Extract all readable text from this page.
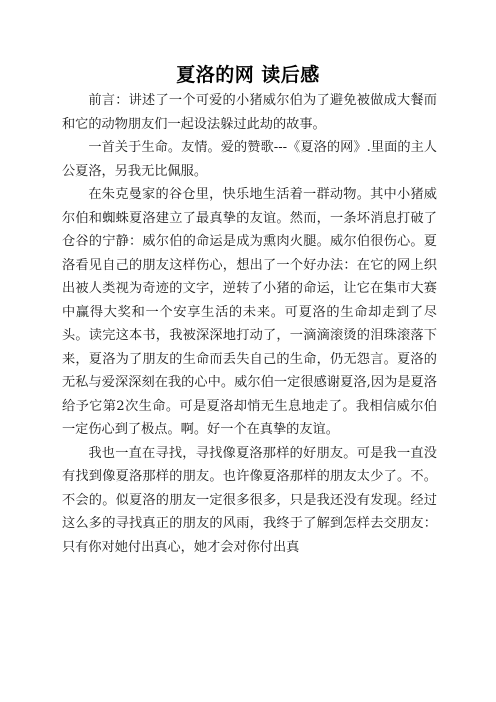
夏洛的网 读后感

前言：讲述了一个可爱的小猪威尔伯为了避免被做成大餐而和它的动物朋友们一起设法躲过此劫的故事。

一首关于生命。友情。爱的赞歌---《夏洛的网》.里面的主人公夏洛，另我无比佩服。

在朱克曼家的谷仓里，快乐地生活着一群动物。其中小猪威尔伯和蜘蛛夏洛建立了最真挚的友谊。然而，一条坏消息打破了仓谷的宁静：威尔伯的命运是成为熏肉火腿。威尔伯很伤心。夏洛看见自己的朋友这样伤心，想出了一个好办法：在它的网上织出被人类视为奇迹的文字，逆转了小猪的命运，让它在集市大赛中赢得大奖和一个安享生活的未来。可夏洛的生命却走到了尽头。读完这本书，我被深深地打动了，一滴滴滚烫的泪珠滚落下来，夏洛为了朋友的生命而丢失自己的生命，仍无怨言。夏洛的无私与爱深深刻在我的心中。威尔伯一定很感谢夏洛,因为是夏洛给予它第2次生命。可是夏洛却悄无生息地走了。我相信威尔伯一定伤心到了极点。啊。好一个在真挚的友谊。

我也一直在寻找，寻找像夏洛那样的好朋友。可是我一直没有找到像夏洛那样的朋友。也许像夏洛那样的朋友太少了。不。不会的。似夏洛的朋友一定很多很多，只是我还没有发现。经过这么多的寻找真正的朋友的风雨，我终于了解到怎样去交朋友：只有你对她付出真心，她才会对你付出真
